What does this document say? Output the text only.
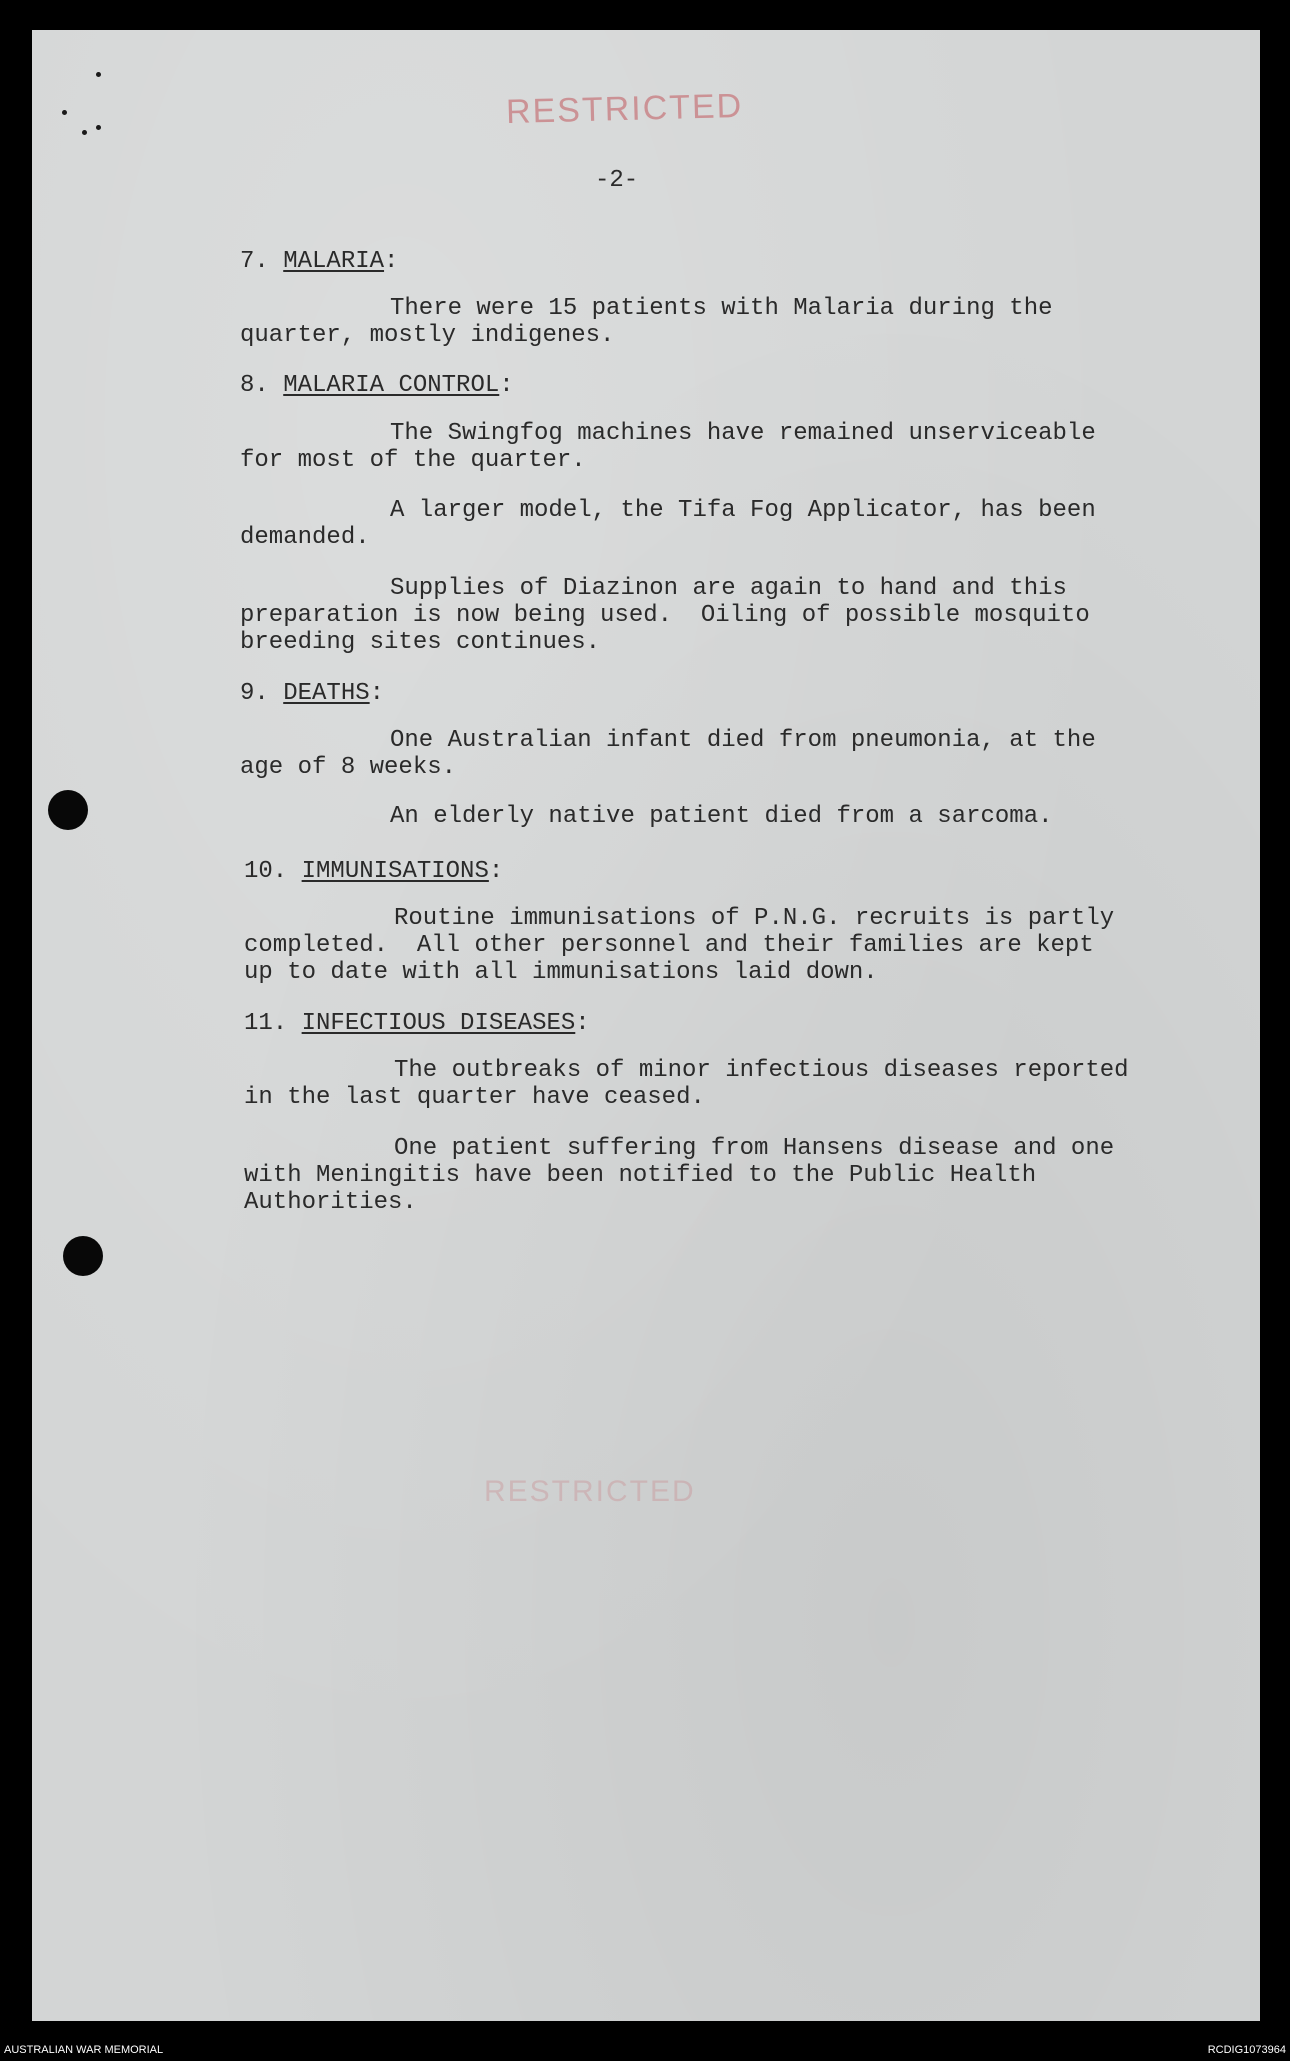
RESTRICTED
-2-
7. MALARIA:
There were 15 patients with Malaria during the
quarter, mostly indigenes.
8. MALARIA CONTROL:
The Swingfog machines have remained unserviceable
for most of the quarter.
A larger model, the Tifa Fog Applicator, has been
demanded.
Supplies of Diazinon are again to hand and this
preparation is now being used.  Oiling of possible mosquito
breeding sites continues.
9. DEATHS:
One Australian infant died from pneumonia, at the
age of 8 weeks.
An elderly native patient died from a sarcoma.
10. IMMUNISATIONS:
Routine immunisations of P.N.G. recruits is partly
completed.  All other personnel and their families are kept
up to date with all immunisations laid down.
11. INFECTIOUS DISEASES:
The outbreaks of minor infectious diseases reported
in the last quarter have ceased.
One patient suffering from Hansens disease and one
with Meningitis have been notified to the Public Health
Authorities.
RESTRICTED
AUSTRALIAN WAR MEMORIAL	RCDIG1073964
